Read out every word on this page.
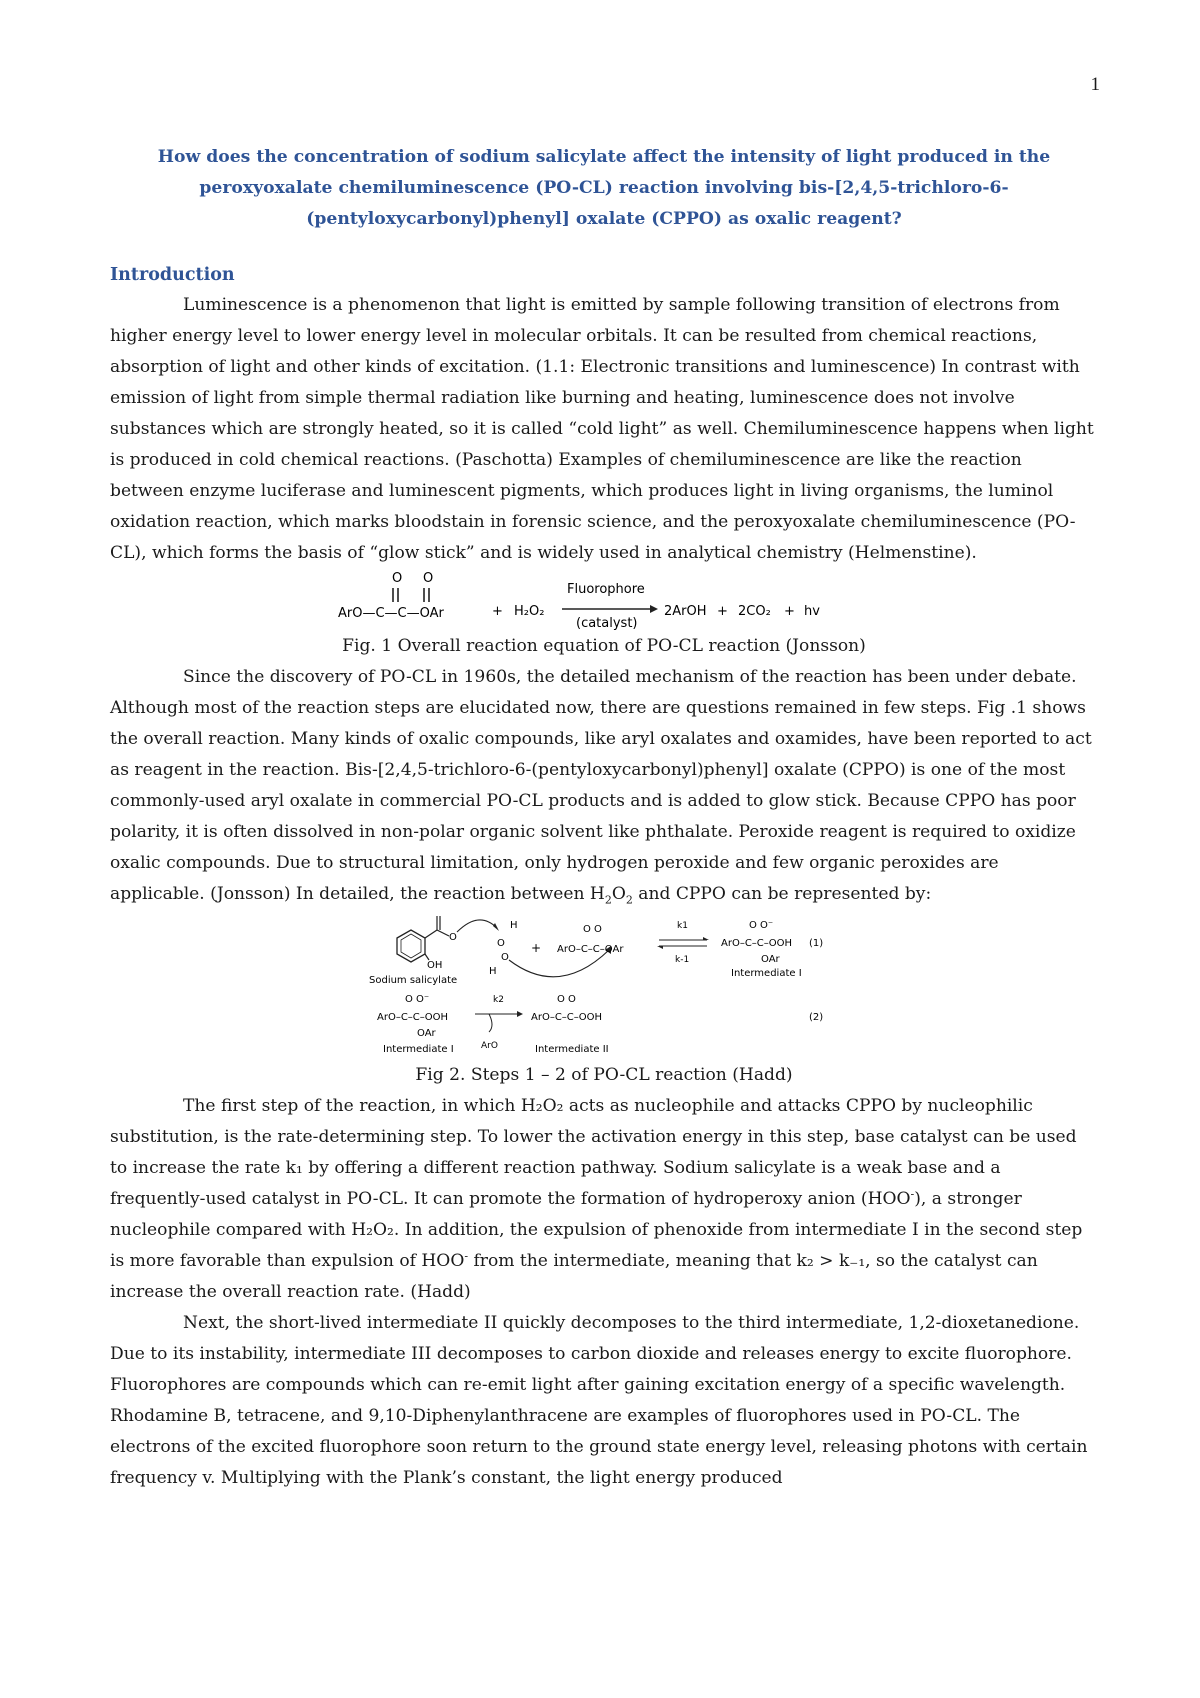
1
How does the concentration of sodium salicylate affect the intensity of light produced in the peroxyoxalate chemiluminescence (PO-CL) reaction involving bis-[2,4,5-trichloro-6-(pentyloxycarbonyl)phenyl] oxalate (CPPO) as oxalic reagent?
Introduction

Luminescence is a phenomenon that light is emitted by sample following transition of electrons from higher energy level to lower energy level in molecular orbitals. It can be resulted from chemical reactions, absorption of light and other kinds of excitation. (1.1: Electronic transitions and luminescence) In contrast with emission of light from simple thermal radiation like burning and heating, luminescence does not involve substances which are strongly heated, so it is called “cold light” as well. Chemiluminescence happens when light is produced in cold chemical reactions. (Paschotta) Examples of chemiluminescence are like the reaction between enzyme luciferase and luminescent pigments, which produces light in living organisms, the luminol oxidation reaction, which marks bloodstain in forensic science, and the peroxyoxalate chemiluminescence (PO-CL), which forms the basis of “glow stick” and is widely used in analytical chemistry (Helmenstine).

O O
ArO—C—C—OAr	+ H₂O₂
Fluorophore
(catalyst)
2ArOH + 2CO₂ + hv

Fig. 1 Overall reaction equation of PO-CL reaction (Jonsson)

Since the discovery of PO-CL in 1960s, the detailed mechanism of the reaction has been under debate. Although most of the reaction steps are elucidated now, there are questions remained in few steps. Fig .1 shows the overall reaction. Many kinds of oxalic compounds, like aryl oxalates and oxamides, have been reported to act as reagent in the reaction. Bis-[2,4,5-trichloro-6-(pentyloxycarbonyl)phenyl] oxalate (CPPO) is one of the most commonly-used aryl oxalate in commercial PO-CL products and is added to glow stick. Because CPPO has poor polarity, it is often dissolved in non-polar organic solvent like phthalate. Peroxide reagent is required to oxidize oxalic compounds. Due to structural limitation, only hydrogen peroxide and few organic peroxides are applicable. (Jonsson) In detailed, the reaction between $H_2O_2$ and CPPO can be represented by:

O
OH
Sodium salicylate
H
O
O
H
+
O O
ArO–C–C–OAr
k1
k-1
O O⁻
ArO–C–C–OOH
OAr
Intermediate I
(1)
O O⁻
ArO–C–C–OOH
OAr
Intermediate I
k2
ArO
O O
ArO–C–C–OOH
Intermediate II
(2)

Fig 2. Steps 1 – 2 of PO-CL reaction (Hadd)

The first step of the reaction, in which H₂O₂ acts as nucleophile and attacks CPPO by nucleophilic substitution, is the rate-determining step. To lower the activation energy in this step, base catalyst can be used to increase the rate k₁ by offering a different reaction pathway. Sodium salicylate is a weak base and a frequently-used catalyst in PO-CL. It can promote the formation of hydroperoxy anion (HOO-), a stronger nucleophile compared with H₂O₂. In addition, the expulsion of phenoxide from intermediate I in the second step is more favorable than expulsion of HOO- from the intermediate, meaning that k₂ > k₋₁, so the catalyst can increase the overall reaction rate. (Hadd)

Next, the short-lived intermediate II quickly decomposes to the third intermediate, 1,2-dioxetanedione. Due to its instability, intermediate III decomposes to carbon dioxide and releases energy to excite fluorophore. Fluorophores are compounds which can re-emit light after gaining excitation energy of a specific wavelength. Rhodamine B, tetracene, and 9,10-Diphenylanthracene are examples of fluorophores used in PO-CL. The electrons of the excited fluorophore soon return to the ground state energy level, releasing photons with certain frequency v. Multiplying with the Plank’s constant, the light energy produced
